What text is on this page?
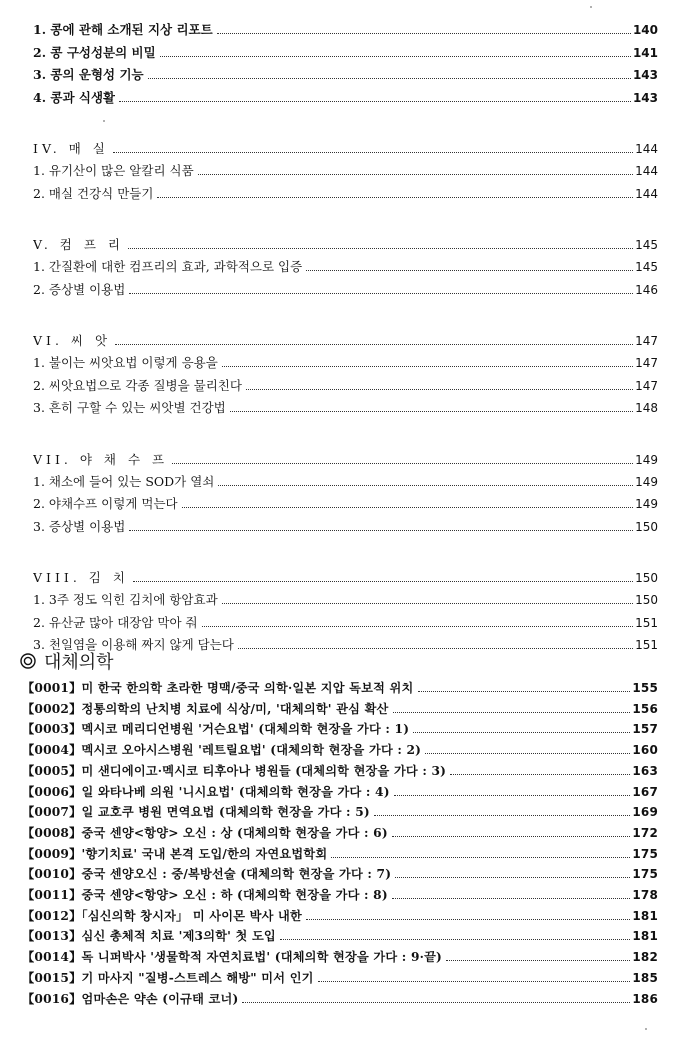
1. 콩에 관해 소개된 지상 리포트	140
2. 콩 구성성분의 비밀	141
3. 콩의 운형성 기능	143
4. 콩과 식생활	143
IV. 매 실	144
1. 유기산이 많은 알칼리 식품	144
2. 매실 건강식 만들기	144
V. 컴 프 리	145
1. 간질환에 대한 컴프리의 효과, 과학적으로 입증	145
2. 증상별 이용법	146
VI. 씨 앗	147
1. 불이는 씨앗요법 이렇게 응용을	147
2. 씨앗요법으로 각종 질병을 물리친다	147
3. 흔히 구할 수 있는 씨앗별 건강법	148
VII. 야 채 수 프	149
1. 채소에 들어 있는 SOD가 열쇠	149
2. 야채수프 이렇게 먹는다	149
3. 증상별 이용법	150
VIII. 김 치	150
1. 3주 정도 익힌 김치에 항암효과	150
2. 유산균 많아 대장암 막아 줘	151
3. 천일염을 이용해 짜지 않게 담는다	151
대체의학
【0001】미 한국 한의학 초라한 명맥/중국 의학·일본 지압 독보적 위치	155
【0002】정통의학의 난치병 치료에 식상/미, '대체의학' 관심 확산	156
【0003】멕시코 메리디언병원 '거슨요법' (대체의학 현장을 가다 : 1)	157
【0004】멕시코 오아시스병원 '레트릴요법' (대체의학 현장을 가다 : 2)	160
【0005】미 샌디에이고·멕시코 티후아나 병원들 (대체의학 현장을 가다 : 3)	163
【0006】일 와타나베 의원 '니시요법' (대체의학 현장을 가다 : 4)	167
【0007】일 교호쿠 병원 면역요법 (대체의학 현장을 가다 : 5)	169
【0008】중국 센양<항양> 오신 : 상 (대체의학 현장을 가다 : 6)	172
【0009】'향기치료' 국내 본격 도입/한의 자연요법학회	175
【0010】중국 센양오신 : 중/복방선술 (대체의학 현장을 가다 : 7)	175
【0011】중국 센양<항양> 오신 : 하 (대체의학 현장을 가다 : 8)	178
【0012】「심신의학 창시자」 미 사이몬 박사 내한	181
【0013】심신 총체적 치료 '제3의학' 첫 도입	181
【0014】독 니퍼박사 '생물학적 자연치료법' (대체의학 현장을 가다 : 9·끝)	182
【0015】기 마사지 "질병-스트레스 해방" 미서 인기	185
【0016】엄마손은 약손 (이규태 코너)	186
